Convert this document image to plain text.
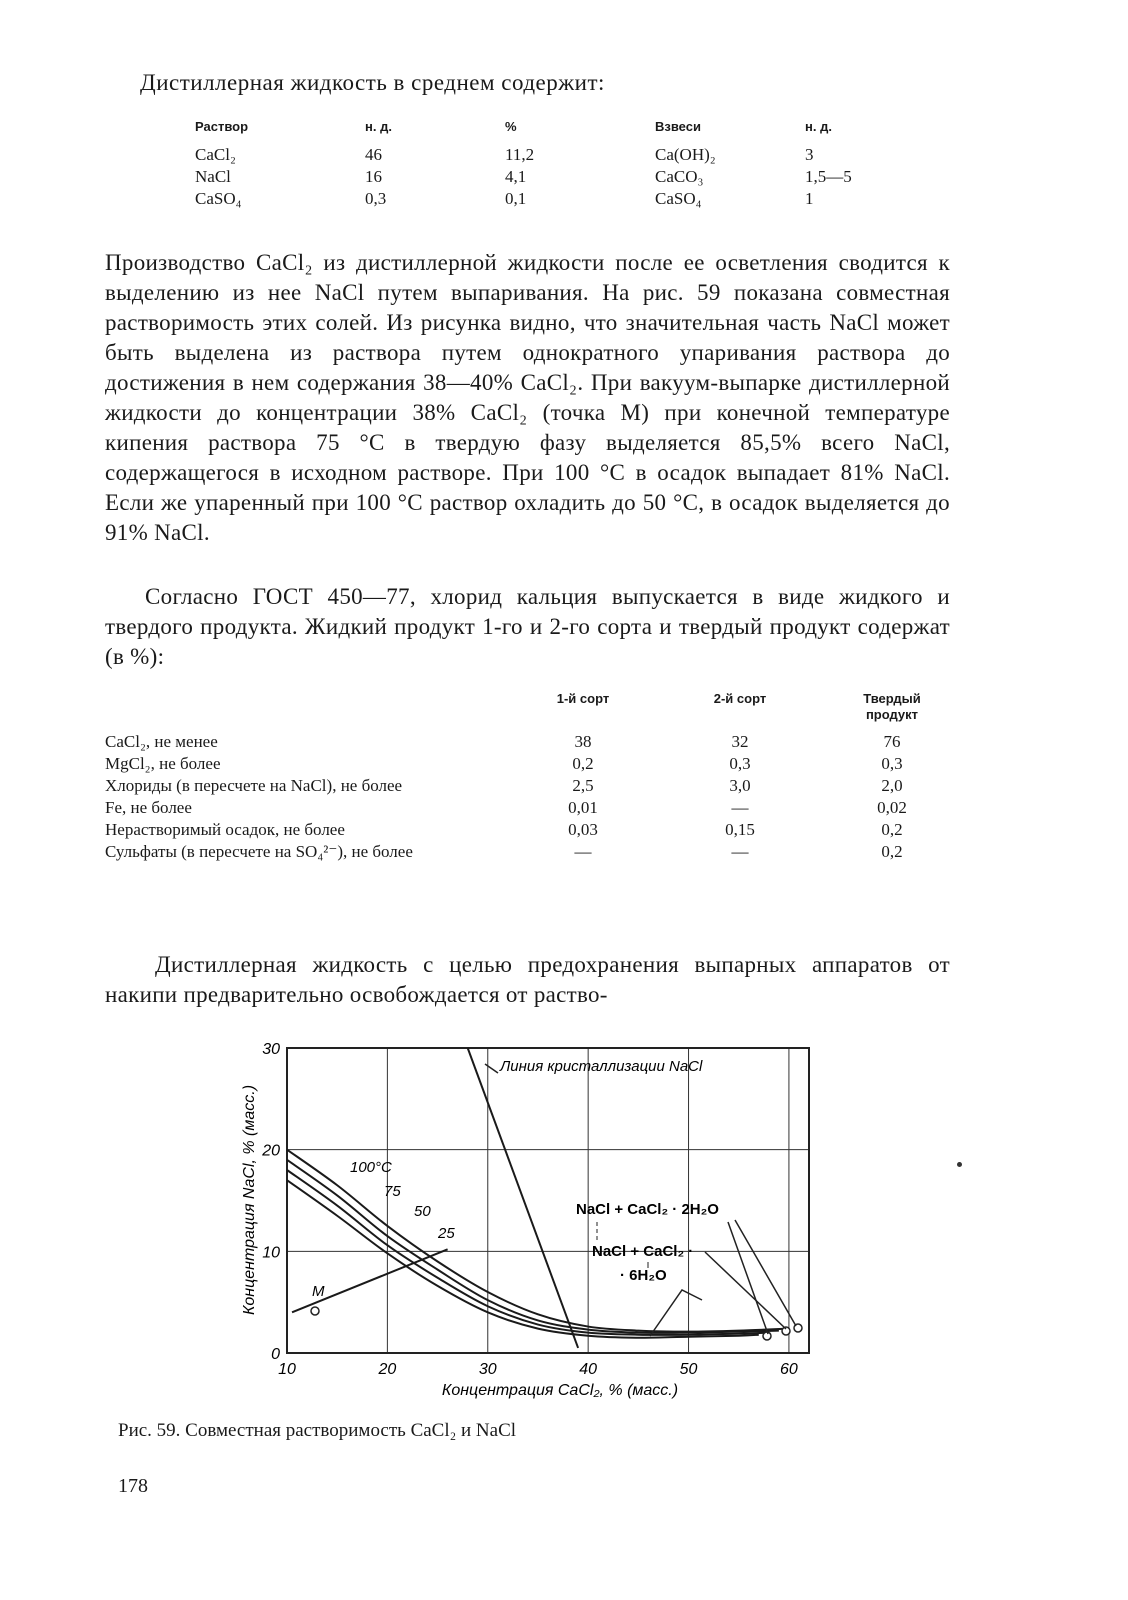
Дистиллерная жидкость в среднем содержит:
Раствор	н. д.	%	Взвеси	н. д.
CaCl₂	46	11,2	Ca(OH)₂	3
NaCl	16	4,1	CaCO₃	1,5—5
CaSO₄	0,3	0,1	CaSO₄	1
Производство CaCl₂ из дистиллерной жидкости после ее осветления сводится к выделению из нее NaCl путем выпаривания. На рис. 59 показана совместная растворимость этих солей. Из рисунка видно, что значительная часть NaCl может быть выделена из раствора путем однократного упаривания раствора до достижения в нем содержания 38—40% CaCl₂. При вакуум-выпарке дистиллерной жидкости до концентрации 38% CaCl₂ (точка M) при конечной температуре кипения раствора 75 °C в твердую фазу выделяется 85,5% всего NaCl, содержащегося в исходном растворе. При 100 °C в осадок выпадает 81% NaCl. Если же упаренный при 100 °C раствор охладить до 50 °C, в осадок выделяется до 91% NaCl.
Согласно ГОСТ 450—77, хлорид кальция выпускается в виде жидкого и твердого продукта. Жидкий продукт 1-го и 2-го сорта и твердый продукт содержат (в %):
	1-й сорт	2-й сорт	Твердый продукт
CaCl₂, не менее	38	32	76
MgCl₂, не более	0,2	0,3	0,3
Хлориды (в пересчете на NaCl), не более	2,5	3,0	2,0
Fe, не более	0,01	—	0,02
Нерастворимый осадок, не более	0,03	0,15	0,2
Сульфаты (в пересчете на SO₄²⁻), не более	—	—	0,2
Дистиллерная жидкость с целью предохранения выпарных аппаратов от накипи предварительно освобождается от раство-
10	20	30	40	50	60
0
10
20
30
Линия кристаллизации NaCl
100°C
75
50
25
M
NaCl + CaCl₂ · 2H₂O
NaCl + CaCl₂ ·
· 6H₂O
Концентрация NaCl, % (масс.)
Концентрация CaCl₂, % (масс.)
Рис. 59. Совместная растворимость CaCl₂ и NaCl
178
